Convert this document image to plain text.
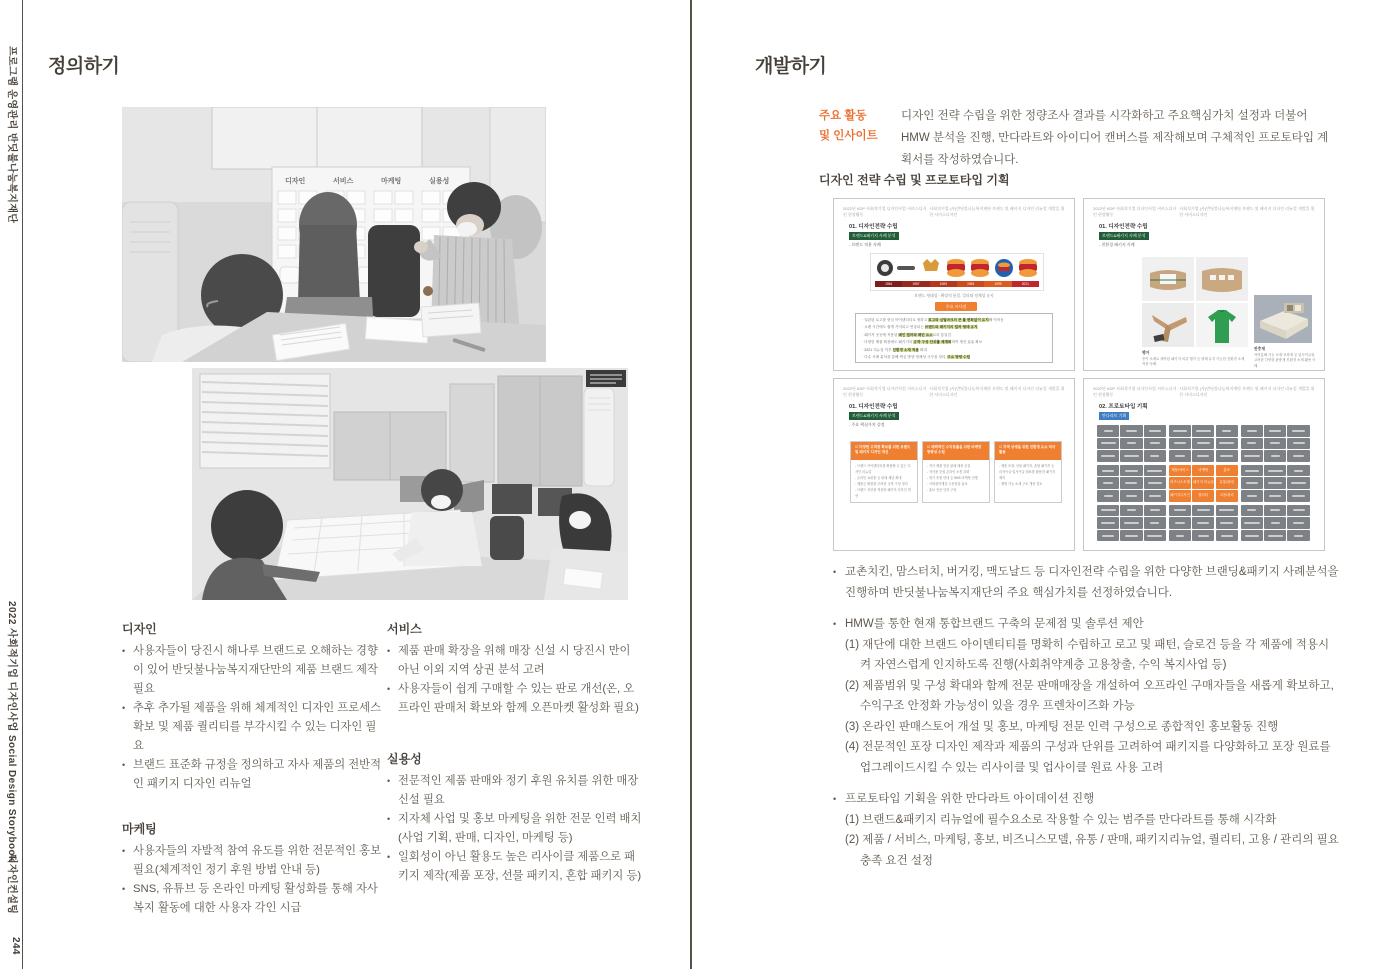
프로그램 운영관리 반딧불나눔복지재단
2022 사회적기업 디자인사업 Social Design Storybook
디자인컨설팅
244
정의하기
디자인	서비스	마케팅	실용성
디자인
• 사용자들이 당진시 해나루 브랜드로 오해하는 경향이 있어 반딧불나눔복지재단만의 제품 브랜드 제작 필요
• 추후 추가될 제품을 위해 체계적인 디자인 프로세스 확보 및 제품 퀄리티를 부각시킬 수 있는 디자인 필요
• 브랜드 표준화 규정을 정의하고 자사 제품의 전반적인 패키지 디자인 리뉴얼
마케팅
• 사용자들의 자발적 참여 유도를 위한 전문적인 홍보 필요(체계적인 정기 후원 방법 안내 등)
• SNS, 유튜브 등 온라인 마케팅 활성화를 통해 자사 복지 활동에 대한 사용자 각인 시급
서비스
• 제품 판매 확장을 위해 매장 신설 시 당진시 만이 아닌 이외 지역 상권 분석 고려
• 사용자들이 쉽게 구매할 수 있는 판로 개선(온, 오프라인 판매처 확보와 함께 오픈마켓 활성화 필요)
실용성
• 전문적인 제품 판매와 정기 후원 유치를 위한 매장 신설 필요
• 지자체 사업 및 홍보 마케팅을 위한 전문 인력 배치(사업 기획, 판매, 디자인, 마케팅 등)
• 일회성이 아닌 활용도 높은 리사이클 제품으로 패키지 제작(제품 포장, 선물 패키지, 혼합 패키지 등)
개발하기
주요 활동
및 인사이트
디자인 전략 수립을 위한 정량조사 결과를 시각화하고 주요핵심가치 설정과 더불어 HMW 분석을 진행, 만다라트와 아이디어 캔버스를 제작해보며 구체적인 프로토타입 계획서를 작성하였습니다.
디자인 전략 수립 및 프로토타입 기획
2022년 KDP 사회적기업 디자인사업 서비스디자인 현장활동
사회적기업 (사)반딧불나눔복지재단 브랜드 및 패키지 디자인 리뉴얼 개발을 위한 서비스디자인
01. 디자인전략 수립
브랜드&패키지 사례 분석
- 브랜드 적용 사례
1954	1957	1969	1994	1999	2021
브랜드 형태성 · 확장의 통일, 컬러와 정체성 유지
주요 시사점
· 일관된 로고를 중심 아이덴티티로 정하고 로고와 심벌마크의 큰 틀 변화없이 유지해 이어옴
· 오랜 시간에도 쉽게 기억되고 연상되는 브랜드와 패키지의 컬러·형태 유지
· 패키지 곳곳에 적용된 메인 컬러와 패턴 요소로의 통일감
· 다양한 제품 확장에도 패키지의 규격·구성·단위를 체계화하여 생산 효율 확보
· 2021 리뉴얼 이후 친환경 소재 적용 확대
· 다수 사례 분석을 통해 핵심 방향·정체성 시사점 정리, 주요 방향 수립
2022년 KDP 사회적기업 디자인사업 서비스디자인 현장활동
사회적기업 (사)반딧불나눔복지재단 브랜드 및 패키지 디자인 리뉴얼 개발을 위한 서비스디자인
01. 디자인전략 수립
브랜드&패키지 사례 분석
- 친환경 패키지 사례
행거
종이 소재로 제작된 패키지·의류 행거 등 형태 유지 가능한 친환경 소재 적용 사례.
완충재
자연분해 가능 소재·포장재 등 업사이클을 고려한 다양한 완충재 친환경 소재 활용 사례.
2022년 KDP 사회적기업 디자인사업 서비스디자인 현장활동
사회적기업 (사)반딧불나눔복지재단 브랜드 및 패키지 디자인 리뉴얼 개발을 위한 서비스디자인
01. 디자인전략 수립
브랜드&패키지 사례 분석
- 주요 핵심가치 설정
☑ 다양한 고객층 확보를 위한 브랜드 및 패키지 디자인 개선
- 브랜드 아이덴티티를 확립할 수 있는 디자인 리뉴얼
- 온라인 쇼핑몰 등 판매 채널 확대
- 제품군 확장을 고려한 규격·구성 정리
- 브랜드 자산을 적용한 패키지 디자인 개선
☑ 매력적인 수익창출을 위한 마케팅 방향성 수립
- 자사 제품 전문 판매 매장 신설
- 자사몰 중심 온라인 소통 강화
- 정기 후원 안내 등 SNS 마케팅 진행
- 사회취약계층 고용창출 홍보
- 홍보 전문 인력 구성
☑ 지역 상생을 위한 친환경 요소 적극 활용
- 제품 포장, 선물 패키지, 혼합 패키지 등 리사이클·업사이클 원료를 활용한 패키지 제작
- 재생 가능 소재 구조 개선 검토
2022년 KDP 사회적기업 디자인사업 서비스디자인 현장활동
사회적기업 (사)반딧불나눔복지재단 브랜드 및 패키지 디자인 리뉴얼 개발을 위한 서비스디자인
02. 프로토타입 기획
만다라트 기획
제품/서비스	마케팅	홍보
비즈니스모델 패키지 리뉴얼	유통/판매
패키지디자인	퀄리티	고용/관리
• 교촌치킨, 맘스터치, 버거킹, 맥도날드 등 디자인전략 수립을 위한 다양한 브랜딩&패키지 사례분석을 진행하며 반딧불나눔복지재단의 주요 핵심가치를 선정하였습니다.
• HMW를 통한 현재 통합브랜드 구축의 문제점 및 솔루션 제안
(1) 재단에 대한 브랜드 아이덴티티를 명확히 수립하고 로고 및 패턴, 슬로건 등을 각 제품에 적용시켜 자연스럽게 인지하도록 진행(사회취약계층 고용창출, 수익 복지사업 등)
(2) 제품범위 및 구성 확대와 함께 전문 판매매장을 개설하여 오프라인 구매자들을 새롭게 확보하고, 수익구조 안정화 가능성이 있을 경우 프렌차이즈화 가능
(3) 온라인 판매스토어 개설 및 홍보, 마케팅 전문 인력 구성으로 종합적인 홍보활동 진행
(4) 전문적인 포장 디자인 제작과 제품의 구성과 단위를 고려하여 패키지를 다양화하고 포장 원료를 업그레이드시킬 수 있는 리사이클 및 업사이클 원료 사용 고려
• 프로토타입 기획을 위한 만다라트 아이데이션 진행
(1) 브랜드&패키지 리뉴얼에 필수요소로 작용할 수 있는 범주를 만다라트를 통해 시각화
(2) 제품 / 서비스, 마케팅, 홍보, 비즈니스모델, 유통 / 판매, 패키지리뉴얼, 퀄리티, 고용 / 관리의 필요충족 요건 설정
